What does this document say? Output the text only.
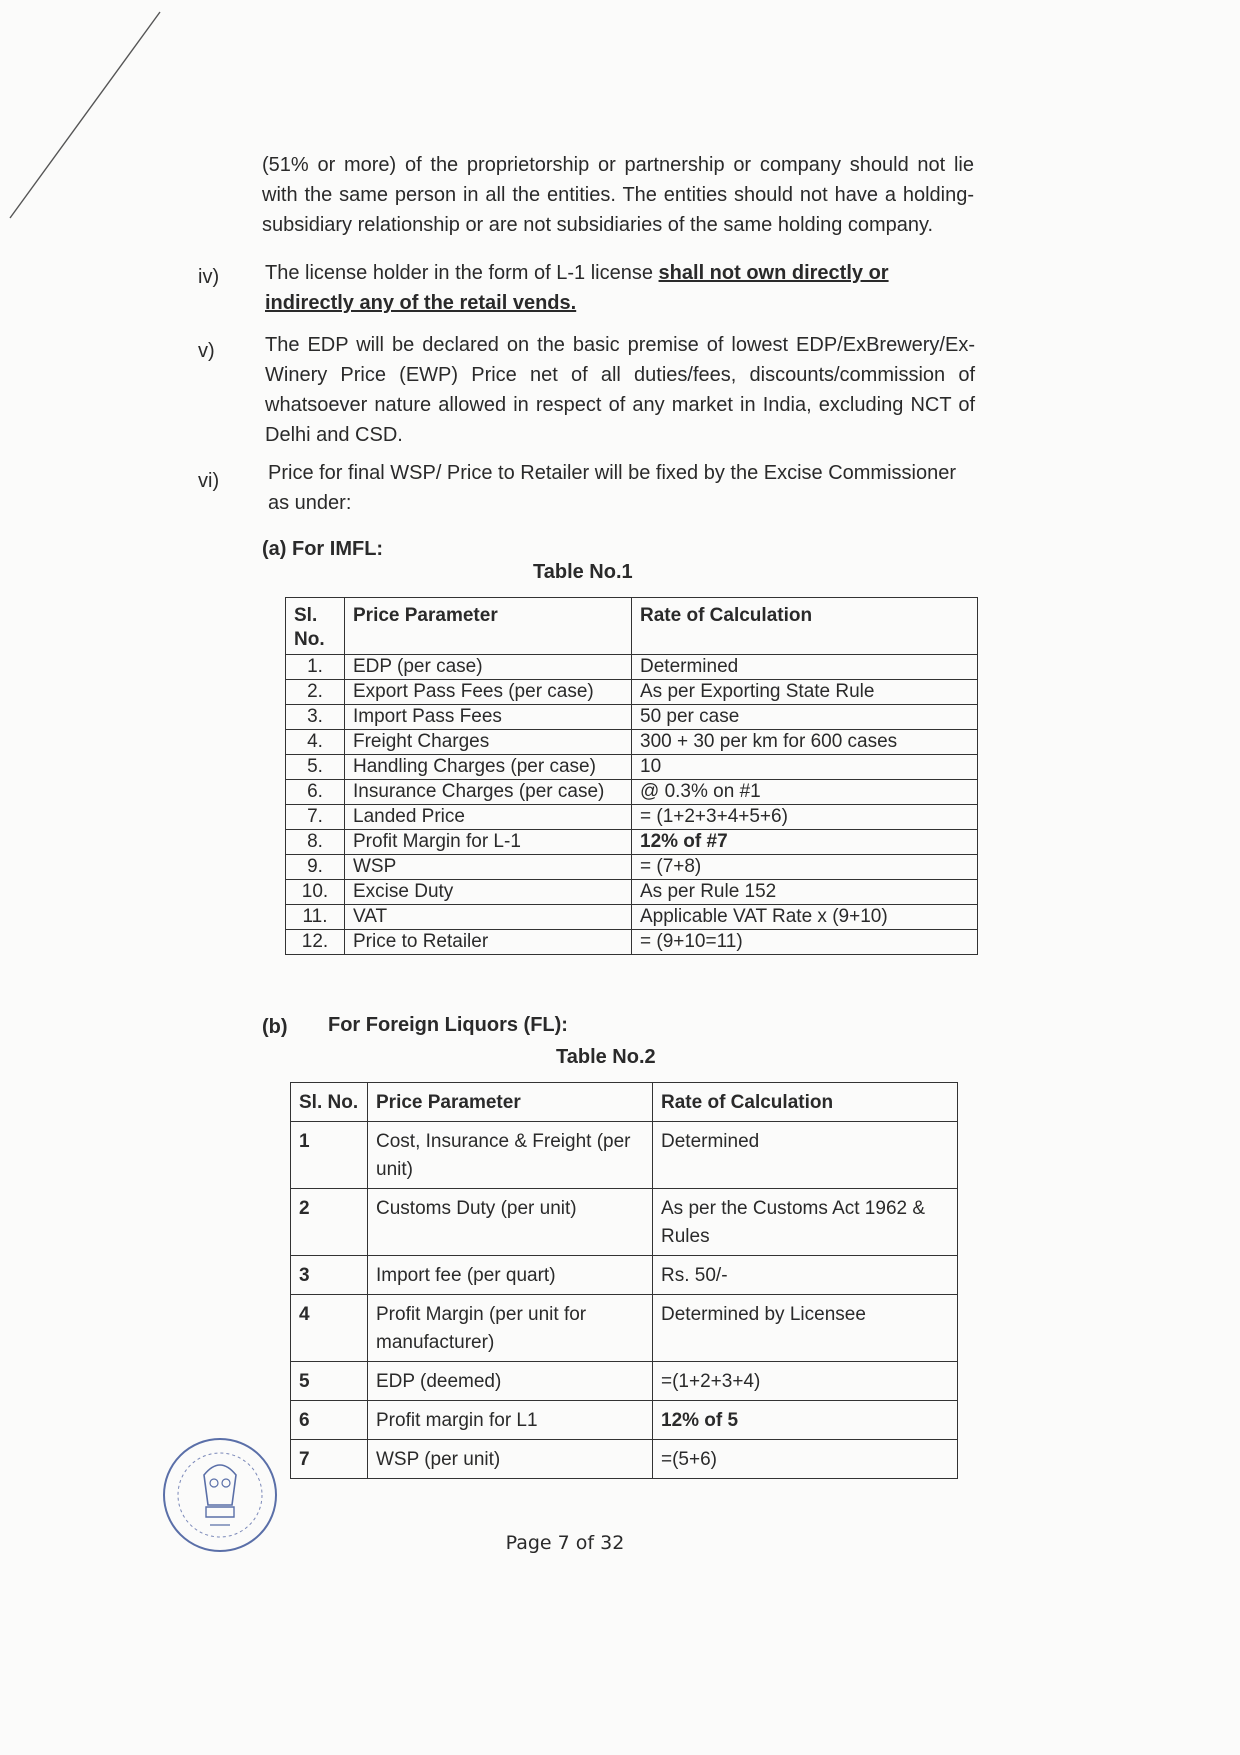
(51% or more) of the proprietorship or partnership or company should not lie with the same person in all the entities. The entities should not have a holding-subsidiary relationship or are not subsidiaries of the same holding company.
iv) The license holder in the form of L-1 license shall not own directly or indirectly any of the retail vends.
v)	The EDP will be declared on the basic premise of lowest EDP/ExBrewery/Ex-Winery Price (EWP) Price net of all duties/fees, discounts/commission of whatsoever nature allowed in respect of any market in India, excluding NCT of Delhi and CSD.
vi) Price for final WSP/ Price to Retailer will be fixed by the Excise Commissioner as under:
(a) For IMFL:
Table No.1
Sl. No.	Price Parameter	Rate of Calculation
1.	EDP (per case)	Determined
2.	Export Pass Fees (per case)	As per Exporting State Rule
3.	Import Pass Fees	50 per case
4.	Freight Charges	300 + 30 per km for 600 cases
5.	Handling Charges (per case)	10
6.	Insurance Charges (per case)	@ 0.3% on #1
7.	Landed Price	= (1+2+3+4+5+6)
8.	Profit Margin for L-1	12% of #7
9.	WSP	= (7+8)
10.	Excise Duty	As per Rule 152
11.	VAT	Applicable VAT Rate x (9+10)
12.	Price to Retailer	= (9+10=11)
(b) For Foreign Liquors (FL):
Table No.2
Sl. No.	Price Parameter	Rate of Calculation
1	Cost, Insurance & Freight (per unit)	Determined
2	Customs Duty (per unit)	As per the Customs Act 1962 & Rules
3	Import fee (per quart)	Rs. 50/-
4	Profit Margin (per unit for manufacturer)	Determined by Licensee
5	EDP (deemed)	=(1+2+3+4)
6	Profit margin for L1	12% of 5
7	WSP (per unit)	=(5+6)
Page 7 of 32
